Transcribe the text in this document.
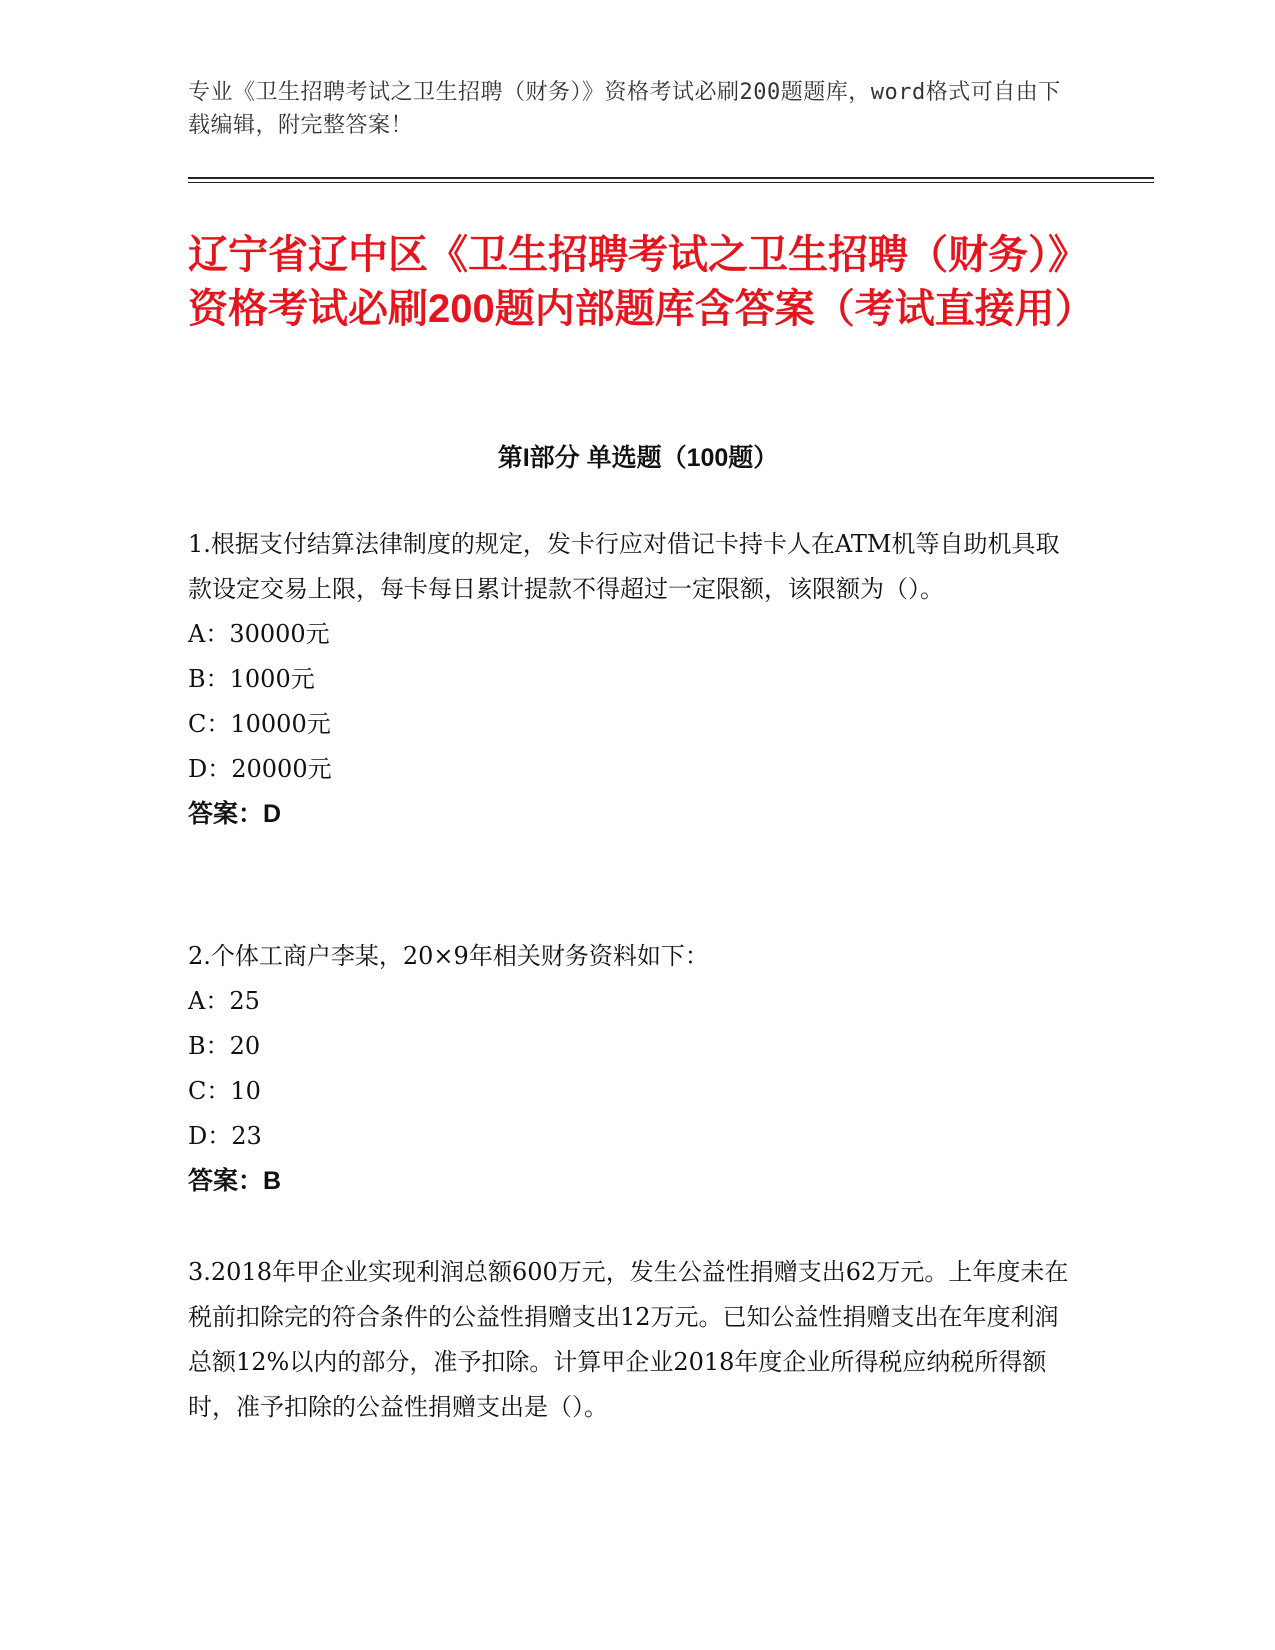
专业《卫生招聘考试之卫生招聘（财务）》资格考试必刷200题题库，word格式可自由下载编辑，附完整答案！
辽宁省辽中区《卫生招聘考试之卫生招聘（财务）》资格考试必刷200题内部题库含答案（考试直接用）
第I部分 单选题（100题）
1.根据支付结算法律制度的规定，发卡行应对借记卡持卡人在ATM机等自助机具取款设定交易上限，每卡每日累计提款不得超过一定限额，该限额为（）。
A：30000元
B：1000元
C：10000元
D：20000元
答案：D
2.个体工商户李某，20×9年相关财务资料如下：
A：25
B：20
C：10
D：23
答案：B
3.2018年甲企业实现利润总额600万元，发生公益性捐赠支出62万元。上年度未在税前扣除完的符合条件的公益性捐赠支出12万元。已知公益性捐赠支出在年度利润总额12%以内的部分，准予扣除。计算甲企业2018年度企业所得税应纳税所得额时，准予扣除的公益性捐赠支出是（）。
